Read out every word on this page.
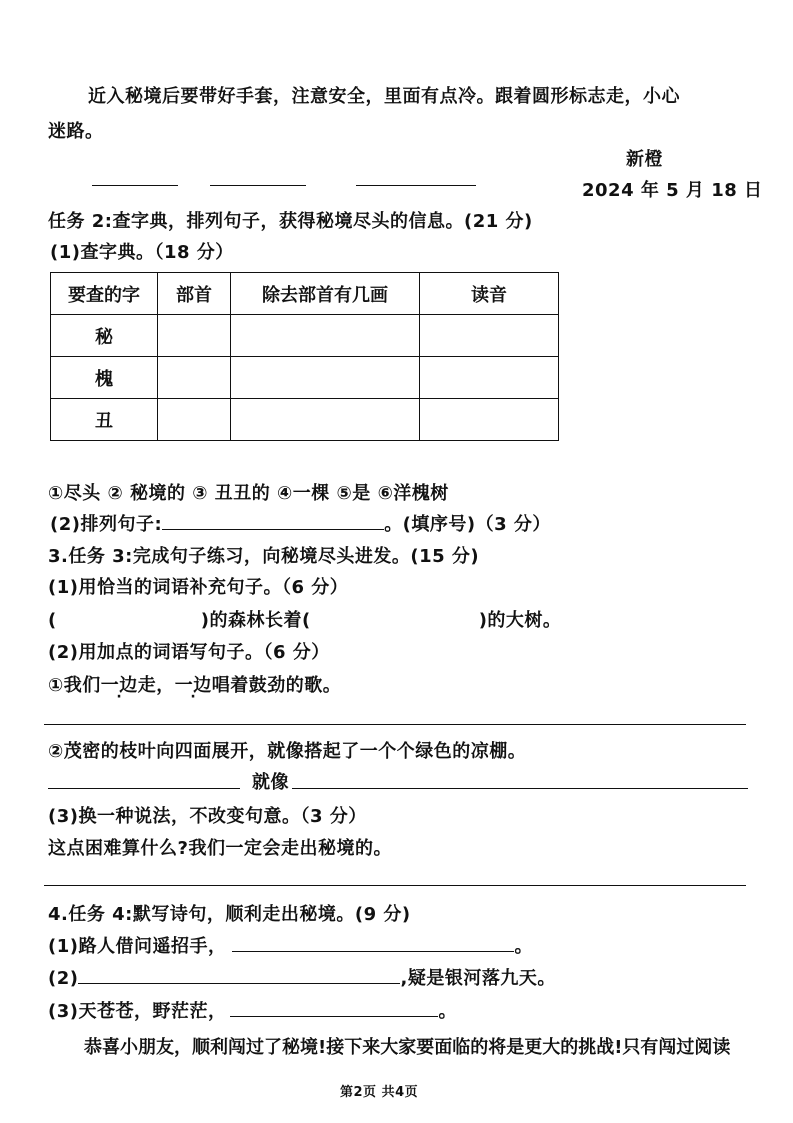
近入秘境后要带好手套，注意安全，里面有点冷。跟着圆形标志走，小心
迷路。
新橙
2024 年 5 月 18 日
任务 2:查字典，排列句子，获得秘境尽头的信息。(21 分)
(1)查字典。（18 分）
要查的字	部首	除去部首有几画	读音
秘			
槐			
丑			
①尽头 ② 秘境的 ③ 丑丑的 ④一棵 ⑤是 ⑥洋槐树
(2)排列句子:	。(填序号)（3 分）
3.任务 3:完成句子练习，向秘境尽头进发。(15 分)
(1)用恰当的词语补充句子。（6 分）
(	)的森林长着(	)的大树。
(2)用加点的词语写句子。（6 分）
①我们一边走，一边唱着鼓劲的歌。
②茂密的枝叶向四面展开，就像搭起了一个个绿色的凉棚。
就像
(3)换一种说法，不改变句意。（3 分）
这点困难算什么?我们一定会走出秘境的。
4.任务 4:默写诗句，顺利走出秘境。(9 分)
(1)路人借问遥招手，	。
(2)	,疑是银河落九天。
(3)天苍苍，野茫茫，	。
恭喜小朋友，顺利闯过了秘境!接下来大家要面临的将是更大的挑战!只有闯过阅读
第2页 共4页
